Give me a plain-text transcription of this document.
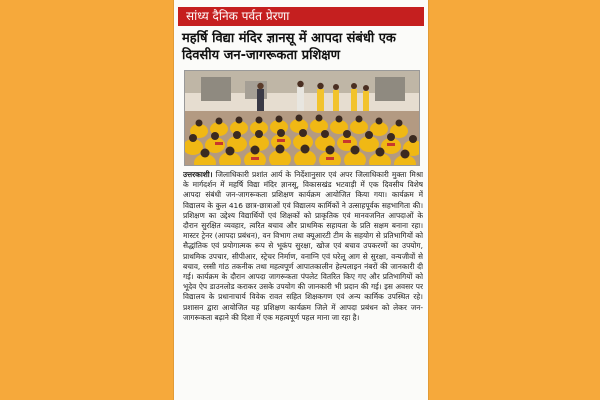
सांध्य दैनिक पर्वत प्रेरणा
महर्षि विद्या मंदिर ज्ञानसू में आपदा संबंधी एक दिवसीय जन-जागरूकता प्रशिक्षण
उत्तरकाशी। जिलाधिकारी प्रशांत आर्य के निर्देशानुसार एवं अपर जिलाधिकारी मुक्ता मिश्रा के मार्गदर्शन में महर्षि विद्या मंदिर ज्ञानसू, विकासखंड भटवाड़ी में एक दिवसीय विशेष आपदा संबंधी जन-जागरूकता प्रशिक्षण कार्यक्रम आयोजित किया गया। कार्यक्रम में विद्यालय के कुल 416 छात्र-छात्राओं एवं विद्यालय कार्मिकों ने उत्साहपूर्वक सहभागिता की। प्रशिक्षण का उद्देश्य विद्यार्थियों एवं शिक्षकों को प्राकृतिक एवं मानवजनित आपदाओं के दौरान सुरक्षित व्यवहार, त्वरित बचाव और प्राथमिक सहायता के प्रति सक्षम बनाना रहा। मास्टर ट्रेनर (आपदा प्रबंधन), वन विभाग तथा क्यूआरटी टीम के सहयोग से प्रतिभागियों को सैद्धांतिक एवं प्रयोगात्मक रूप से भूकंप सुरक्षा, खोज एवं बचाव उपकरणों का उपयोग, प्राथमिक उपचार, सीपीआर, स्ट्रेचर निर्माण, वनाग्नि एवं घरेलू आग से सुरक्षा, वन्यजीवों से बचाव, रस्सी गांठ तकनीक तथा महत्वपूर्ण आपातकालीन हेल्पलाइन नंबरों की जानकारी दी गई। कार्यक्रम के दौरान आपदा जागरूकता पंपलेट वितरित किए गए और प्रतिभागियों को भूदेव ऐप डाउनलोड कराकर उसके उपयोग की जानकारी भी प्रदान की गई। इस अवसर पर विद्यालय के प्रधानाचार्य विवेक रावत सहित शिक्षकगण एवं अन्य कार्मिक उपस्थित रहे। प्रशासन द्वारा आयोजित यह प्रशिक्षण कार्यक्रम जिले में आपदा प्रबंधन को लेकर जन-जागरूकता बढ़ाने की दिशा में एक महत्वपूर्ण पहल माना जा रहा है।
